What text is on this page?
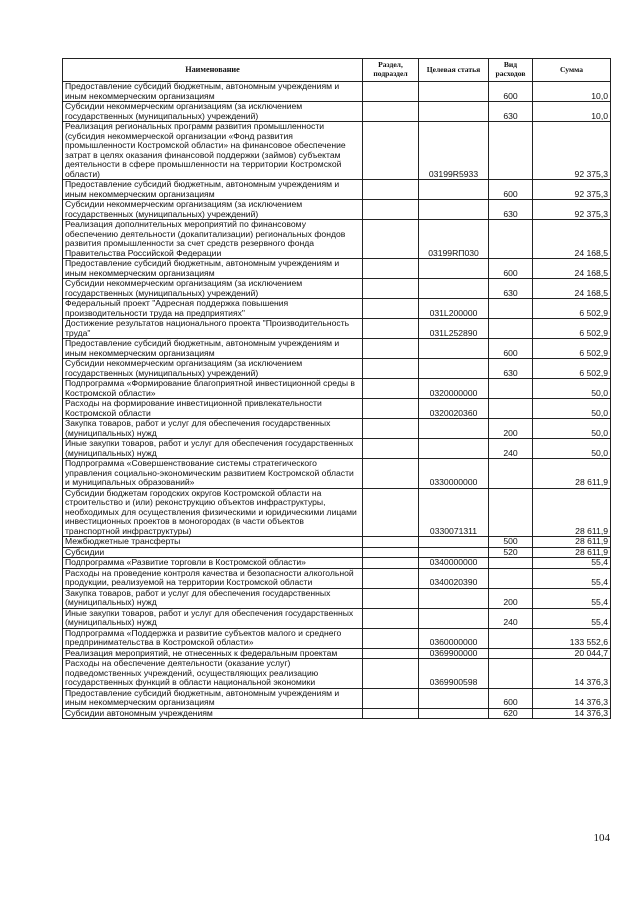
Наименование	Раздел, подраздел	Целевая статья	Вид расходов	Сумма
Предоставление субсидий бюджетным, автономным учреждениям и иным некоммерческим организациям			600	10,0
Субсидии некоммерческим организациям (за исключением государственных (муниципальных) учреждений)			630	10,0
Реализация региональных программ развития промышленности (субсидия некоммерческой организации «Фонд развития промышленности Костромской области» на финансовое обеспечение затрат в целях оказания финансовой поддержки (займов) субъектам деятельности в сфере промышленности на территории Костромской области)		03199R5933		92 375,3
Предоставление субсидий бюджетным, автономным учреждениям и иным некоммерческим организациям			600	92 375,3
Субсидии некоммерческим организациям (за исключением государственных (муниципальных) учреждений)			630	92 375,3
Реализация дополнительных мероприятий по финансовому обеспечению деятельности (докапитализации) региональных фондов развития промышленности за счет средств резервного фонда Правительства Российской Федерации		03199RП030		24 168,5
Предоставление субсидий бюджетным, автономным учреждениям и иным некоммерческим организациям			600	24 168,5
Субсидии некоммерческим организациям (за исключением государственных (муниципальных) учреждений)			630	24 168,5
Федеральный проект "Адресная поддержка повышения производительности труда на предприятиях"		031L200000		6 502,9
Достижение результатов национального проекта "Производительность труда"		031L252890		6 502,9
Предоставление субсидий бюджетным, автономным учреждениям и иным некоммерческим организациям			600	6 502,9
Субсидии некоммерческим организациям (за исключением государственных (муниципальных) учреждений)			630	6 502,9
Подпрограмма «Формирование благоприятной инвестиционной среды в Костромской области»		0320000000		50,0
Расходы на формирование инвестиционной привлекательности Костромской области		0320020360		50,0
Закупка товаров, работ и услуг для обеспечения государственных (муниципальных) нужд			200	50,0
Иные закупки товаров, работ и услуг для обеспечения государственных (муниципальных) нужд			240	50,0
Подпрограмма «Совершенствование системы стратегического управления социально-экономическим развитием Костромской области и муниципальных образований»		0330000000		28 611,9
Субсидии бюджетам городских округов Костромской области на строительство и (или) реконструкцию объектов инфраструктуры, необходимых для осуществления физическими и юридическими лицами инвестиционных проектов в моногородах (в части объектов транспортной инфраструктуры)		0330071311		28 611,9
Межбюджетные трансферты			500	28 611,9
Субсидии			520	28 611,9
Подпрограмма «Развитие торговли в Костромской области»		0340000000		55,4
Расходы на проведение контроля качества и безопасности алкогольной продукции, реализуемой на территории Костромской области		0340020390		55,4
Закупка товаров, работ и услуг для обеспечения государственных (муниципальных) нужд			200	55,4
Иные закупки товаров, работ и услуг для обеспечения государственных (муниципальных) нужд			240	55,4
Подпрограмма «Поддержка и развитие субъектов малого и среднего предпринимательства в Костромской области»		0360000000		133 552,6
Реализация мероприятий, не отнесенных к федеральным проектам		0369900000		20 044,7
Расходы на обеспечение деятельности (оказание услуг) подведомственных учреждений, осуществляющих реализацию государственных функций в области национальной экономики		0369900598		14 376,3
Предоставление субсидий бюджетным, автономным учреждениям и иным некоммерческим организациям			600	14 376,3
Субсидии автономным учреждениям			620	14 376,3
104
